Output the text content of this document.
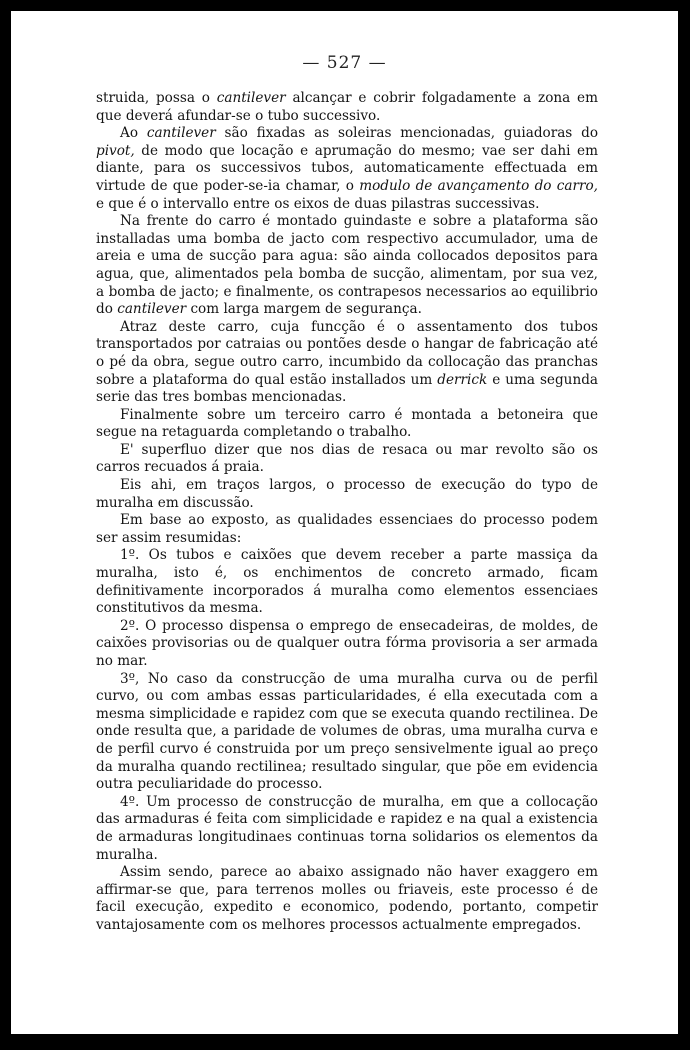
— 527 —

struida, possa o cantilever alcançar e cobrir folgadamente a zona em que deverá afundar-se o tubo successivo.

Ao cantilever são fixadas as soleiras mencionadas, guiadoras do pivot, de modo que locação e aprumação do mesmo; vae ser dahi em diante, para os successivos tubos, automaticamente effectuada em virtude de que poder-se-ia chamar, o modulo de avançamento do carro, e que é o intervallo entre os eixos de duas pilastras successivas.

Na frente do carro é montado guindaste e sobre a plataforma são installadas uma bomba de jacto com respectivo accumulador, uma de areia e uma de sucção para agua: são ainda collocados depositos para agua, que, alimentados pela bomba de sucção, alimentam, por sua vez, a bomba de jacto; e finalmente, os contrapesos necessarios ao equilibrio do cantilever com larga margem de segurança.

Atraz deste carro, cuja funcção é o assentamento dos tubos transportados por catraias ou pontões desde o hangar de fabricação até o pé da obra, segue outro carro, incumbido da collocação das pranchas sobre a plataforma do qual estão installados um derrick e uma segunda serie das tres bombas mencionadas.

Finalmente sobre um terceiro carro é montada a betoneira que segue na retaguarda completando o trabalho.

E' superfluo dizer que nos dias de resaca ou mar revolto são os carros recuados á praia.

Eis ahi, em traços largos, o processo de execução do typo de muralha em discussão.

Em base ao exposto, as qualidades essenciaes do processo podem ser assim resumidas:

1º. Os tubos e caixões que devem receber a parte massiça da muralha, isto é, os enchimentos de concreto armado, ficam definitivamente incorporados á muralha como elementos essenciaes constitutivos da mesma.

2º. O processo dispensa o emprego de ensecadeiras, de moldes, de caixões provisorias ou de qualquer outra fórma provisoria a ser armada no mar.

3º, No caso da construcção de uma muralha curva ou de perfil curvo, ou com ambas essas particularidades, é ella executada com a mesma simplicidade e rapidez com que se executa quando rectilinea. De onde resulta que, a paridade de volumes de obras, uma muralha curva e de perfil curvo é construida por um preço sensivelmente igual ao preço da muralha quando rectilinea; resultado singular, que põe em evidencia outra peculiaridade do processo.

4º. Um processo de construcção de muralha, em que a collocação das armaduras é feita com simplicidade e rapidez e na qual a existencia de armaduras longitudinaes continuas torna solidarios os elementos da muralha.

Assim sendo, parece ao abaixo assignado não haver exaggero em affirmar-se que, para terrenos molles ou friaveis, este processo é de facil execução, expedito e economico, podendo, portanto, competir vantajosamente com os melhores processos actualmente empregados.
